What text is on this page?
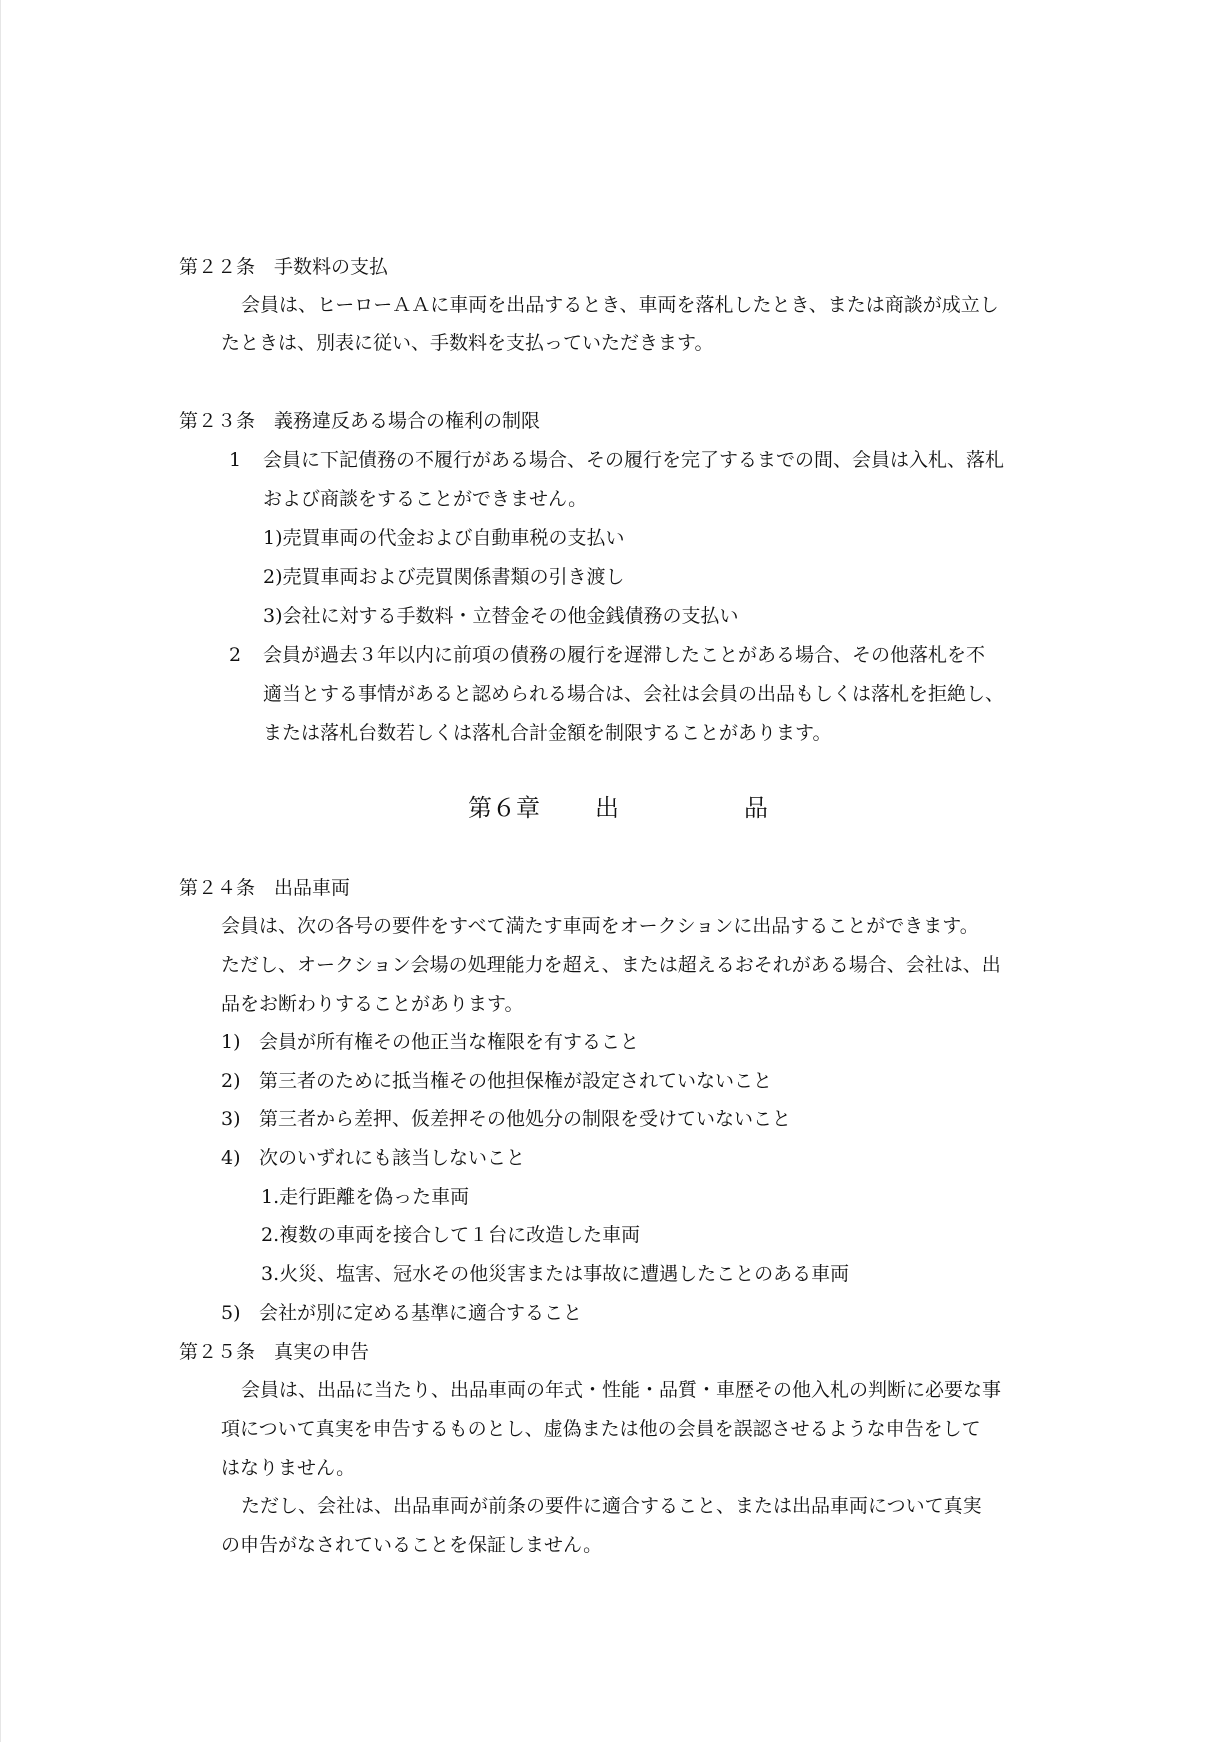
第２２条　手数料の支払
会員は、ヒーローＡＡに車両を出品するとき、車両を落札したとき、または商談が成立し
たときは、別表に従い、手数料を支払っていただきます。
第２３条　義務違反ある場合の権利の制限
1 会員に下記債務の不履行がある場合、その履行を完了するまでの間、会員は入札、落札
および商談をすることができません。
1)売買車両の代金および自動車税の支払い
2)売買車両および売買関係書類の引き渡し
3)会社に対する手数料・立替金その他金銭債務の支払い
2 会員が過去３年以内に前項の債務の履行を遅滞したことがある場合、その他落札を不
適当とする事情があると認められる場合は、会社は会員の出品もしくは落札を拒絶し、
または落札台数若しくは落札合計金額を制限することがあります。
第６章 出	品
第２４条　出品車両
会員は、次の各号の要件をすべて満たす車両をオークションに出品することができます。
ただし、オークション会場の処理能力を超え、または超えるおそれがある場合、会社は、出
品をお断わりすることがあります。
1) 会員が所有権その他正当な権限を有すること
2) 第三者のために抵当権その他担保権が設定されていないこと
3) 第三者から差押、仮差押その他処分の制限を受けていないこと
4) 次のいずれにも該当しないこと
1.走行距離を偽った車両
2.複数の車両を接合して１台に改造した車両
3.火災、塩害、冠水その他災害または事故に遭遇したことのある車両
5) 会社が別に定める基準に適合すること
第２５条　真実の申告
会員は、出品に当たり、出品車両の年式・性能・品質・車歴その他入札の判断に必要な事
項について真実を申告するものとし、虚偽または他の会員を誤認させるような申告をして
はなりません。
ただし、会社は、出品車両が前条の要件に適合すること、または出品車両について真実
の申告がなされていることを保証しません。
